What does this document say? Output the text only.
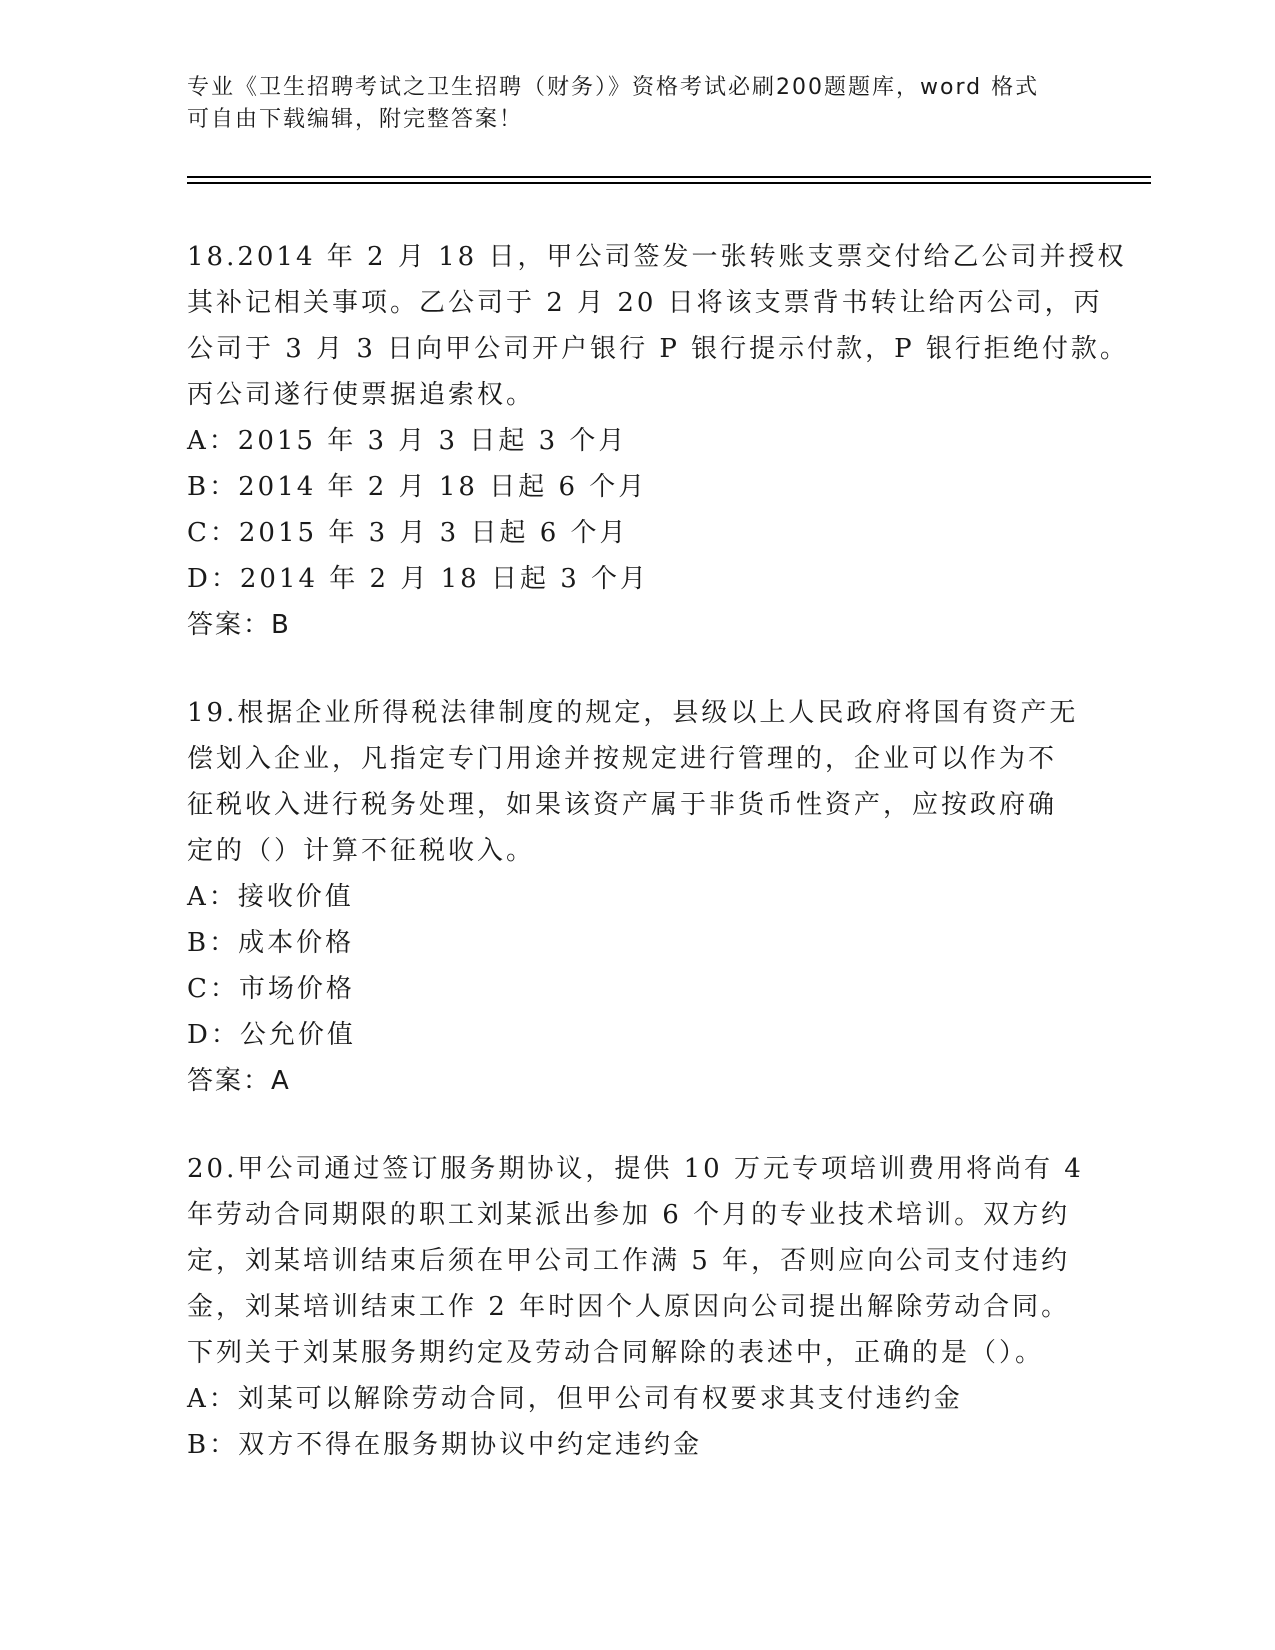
专业《卫生招聘考试之卫生招聘（财务）》资格考试必刷200题题库，word 格式

可自由下载编辑，附完整答案！

18.2014 年 2 月 18 日，甲公司签发一张转账支票交付给乙公司并授权

其补记相关事项。乙公司于 2 月 20 日将该支票背书转让给丙公司，丙

公司于 3 月 3 日向甲公司开户银行 P 银行提示付款，P 银行拒绝付款。

丙公司遂行使票据追索权。

A：2015 年 3 月 3 日起 3 个月

B：2014 年 2 月 18 日起 6 个月

C：2015 年 3 月 3 日起 6 个月

D：2014 年 2 月 18 日起 3 个月

答案：B

19.根据企业所得税法律制度的规定，县级以上人民政府将国有资产无

偿划入企业，凡指定专门用途并按规定进行管理的，企业可以作为不

征税收入进行税务处理，如果该资产属于非货币性资产，应按政府确

定的（）计算不征税收入。

A：接收价值

B：成本价格

C：市场价格

D：公允价值

答案：A

20.甲公司通过签订服务期协议，提供 10 万元专项培训费用将尚有 4

年劳动合同期限的职工刘某派出参加 6 个月的专业技术培训。双方约

定，刘某培训结束后须在甲公司工作满 5 年，否则应向公司支付违约

金，刘某培训结束工作 2 年时因个人原因向公司提出解除劳动合同。

下列关于刘某服务期约定及劳动合同解除的表述中，正确的是（）。

A：刘某可以解除劳动合同，但甲公司有权要求其支付违约金

B：双方不得在服务期协议中约定违约金
